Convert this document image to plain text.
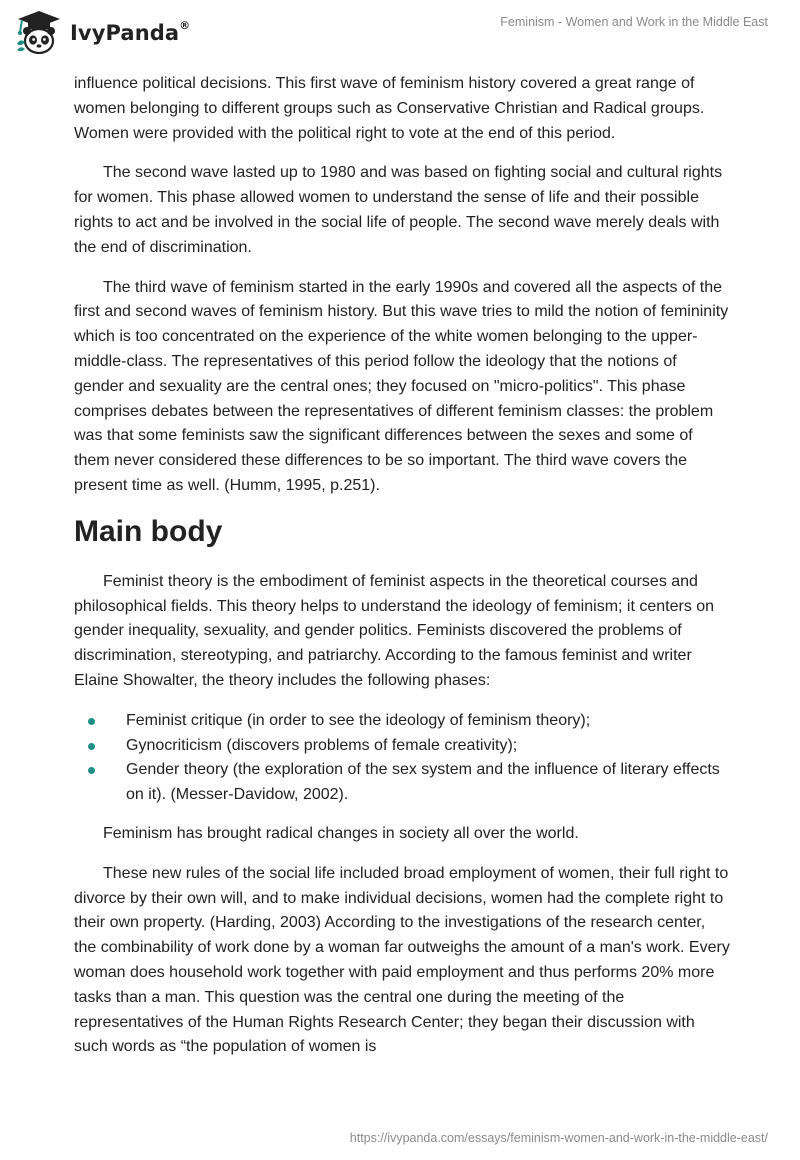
IvyPanda®	Feminism - Women and Work in the Middle East

influence political decisions. This first wave of feminism history covered a great range of women belonging to different groups such as Conservative Christian and Radical groups. Women were provided with the political right to vote at the end of this period.

The second wave lasted up to 1980 and was based on fighting social and cultural rights for women. This phase allowed women to understand the sense of life and their possible rights to act and be involved in the social life of people. The second wave merely deals with the end of discrimination.

The third wave of feminism started in the early 1990s and covered all the aspects of the first and second waves of feminism history. But this wave tries to mild the notion of femininity which is too concentrated on the experience of the white women belonging to the upper-middle-class. The representatives of this period follow the ideology that the notions of gender and sexuality are the central ones; they focused on "micro-politics". This phase comprises debates between the representatives of different feminism classes: the problem was that some feminists saw the significant differences between the sexes and some of them never considered these differences to be so important. The third wave covers the present time as well. (Humm, 1995, p.251).

Main body

Feminist theory is the embodiment of feminist aspects in the theoretical courses and philosophical fields. This theory helps to understand the ideology of feminism; it centers on gender inequality, sexuality, and gender politics. Feminists discovered the problems of discrimination, stereotyping, and patriarchy. According to the famous feminist and writer Elaine Showalter, the theory includes the following phases:

Feminist critique (in order to see the ideology of feminism theory);
Gynocriticism (discovers problems of female creativity);
Gender theory (the exploration of the sex system and the influence of literary effects on it). (Messer-Davidow, 2002).

Feminism has brought radical changes in society all over the world.

These new rules of the social life included broad employment of women, their full right to divorce by their own will, and to make individual decisions, women had the complete right to their own property. (Harding, 2003) According to the investigations of the research center, the combinability of work done by a woman far outweighs the amount of a man's work. Every woman does household work together with paid employment and thus performs 20% more tasks than a man. This question was the central one during the meeting of the representatives of the Human Rights Research Center; they began their discussion with such words as “the population of women is

https://ivypanda.com/essays/feminism-women-and-work-in-the-middle-east/
